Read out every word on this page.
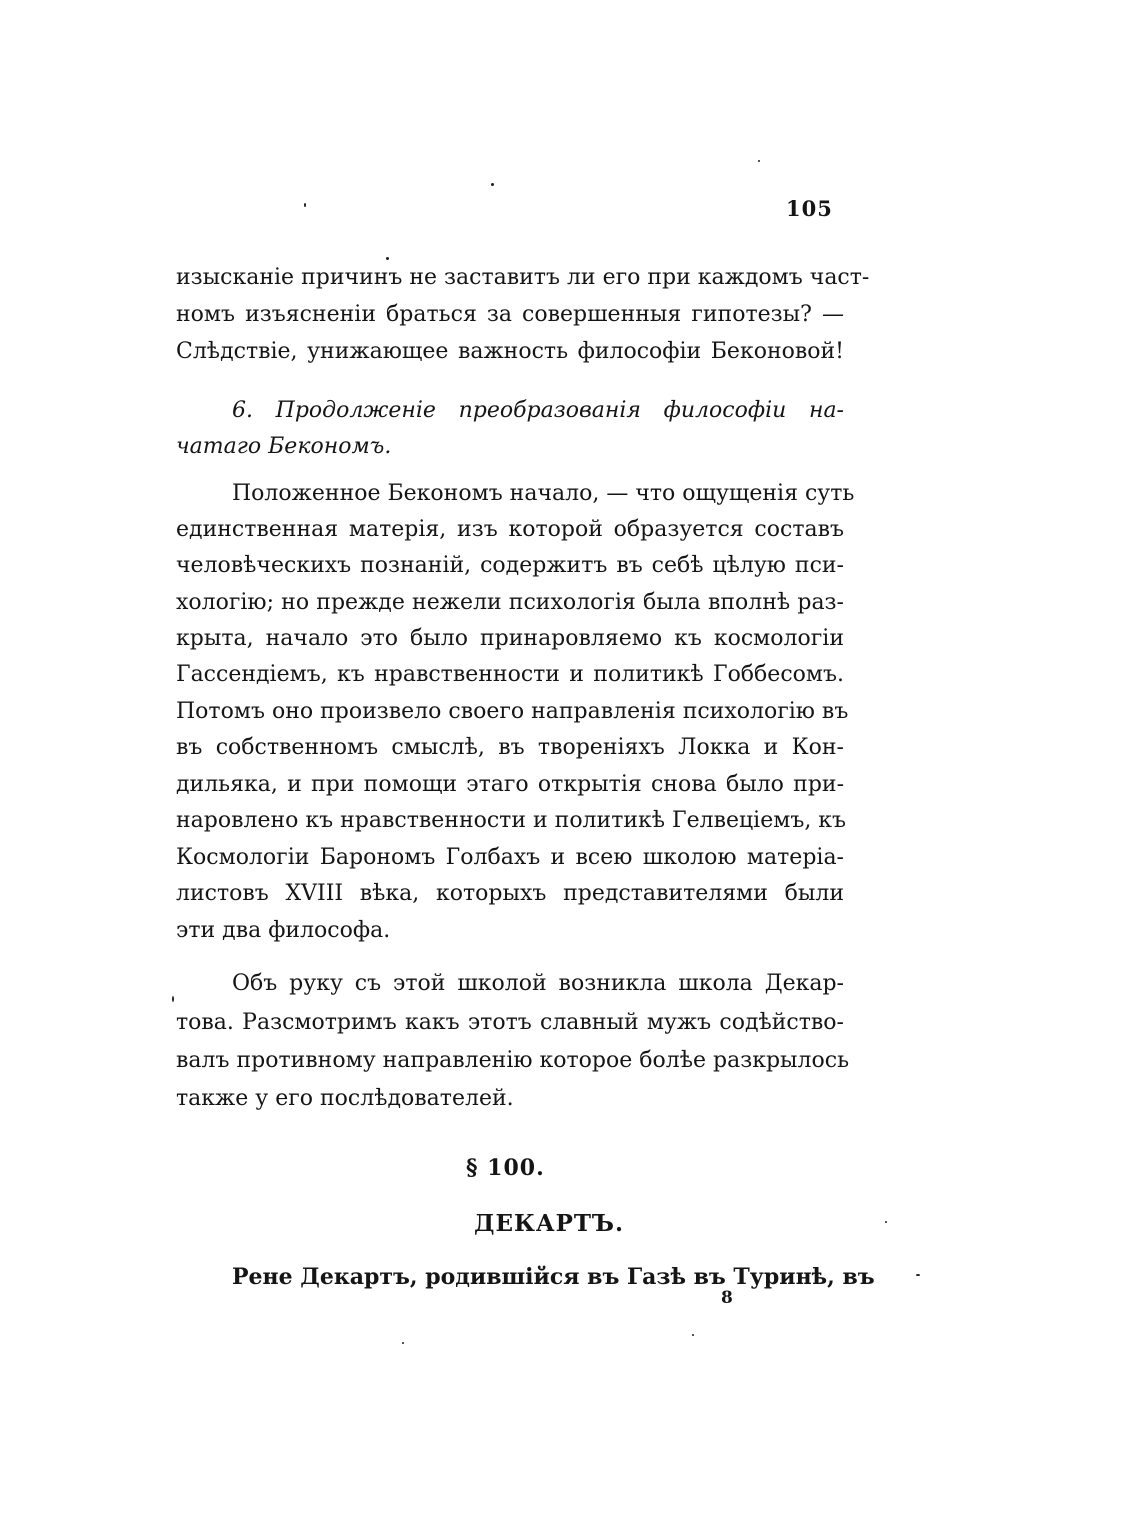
105
изысканіе причинъ не заставитъ ли его при каждомъ част-
номъ изъясненіи браться за совершенныя гипотезы? —
Слѣдствіе, унижающее важность философіи Беконовой!
6. Продолженіе преобразованія философіи на-
чатаго Бекономъ.
Положенное Бекономъ начало, — что ощущенія суть
единственная матерія, изъ которой образуется составъ
человѣческихъ познаній, содержитъ въ себѣ цѣлую пси-
хологію; но прежде нежели психологія была вполнѣ раз-
крыта, начало это было принаровляемо къ космологіи
Гассендіемъ, къ нравственности и политикѣ Гоббесомъ.
Потомъ оно произвело своего направленія психологію въ
въ собственномъ смыслѣ, въ твореніяхъ Локка и Кон-
дильяка, и при помощи этаго открытія снова было при-
наровлено къ нравственности и политикѣ Гелвеціемъ, къ
Космологіи Барономъ Голбахъ и всею школою матеріа-
листовъ XVIII вѣка, которыхъ представителями были
эти два философа.
Объ руку съ этой школой возникла школа Декар-
това. Разсмотримъ какъ этотъ славный мужъ содѣйство-
валъ противному направленію которое болѣе разкрылось
также у его послѣдователей.
§ 100.
ДЕКАРТЪ.
Рене Декартъ, родившійся въ Газѣ въ Туринѣ, въ
8
